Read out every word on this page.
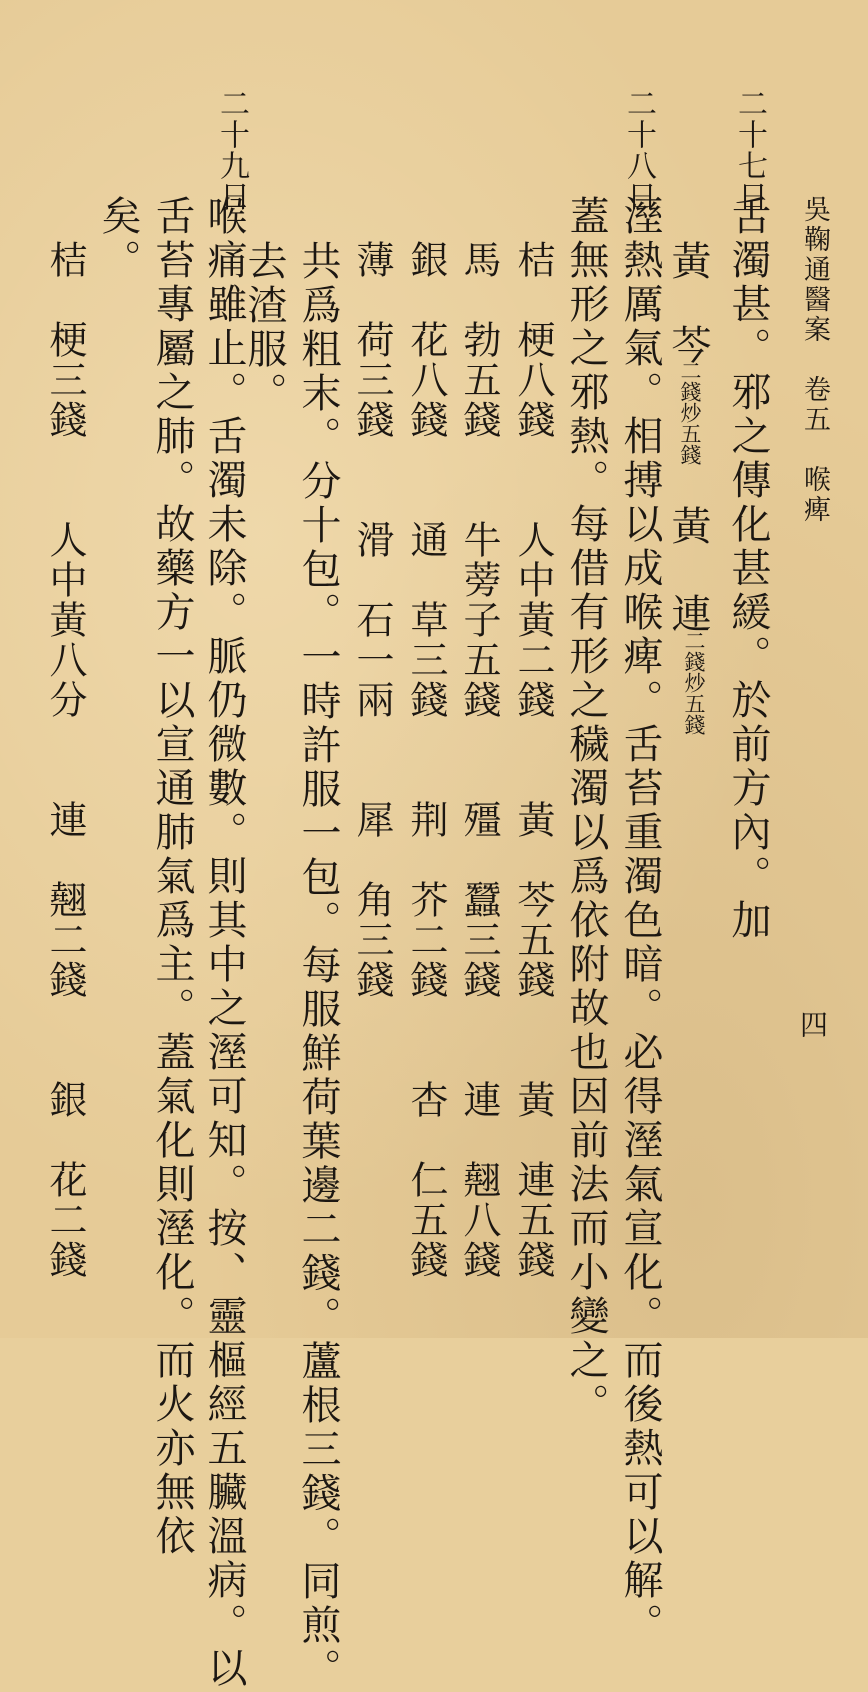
吳鞠通醫案　卷五　喉痺
四
二十七日
舌濁甚。邪之傳化甚緩。於前方內。加
黃　芩
二錢炒五錢
黃　連
二錢炒五錢
二十八日
溼熱厲氣。相搏以成喉痺。舌苔重濁色暗。必得溼氣宣化。而後熱可以解。
蓋無形之邪熱。每借有形之穢濁以爲依附故也因前法而小變之。
桔　梗八錢　　人中黃二錢　　黃　芩五錢　　黃　連五錢
馬　勃五錢　　牛蒡子五錢　　殭　蠶三錢　　連　翹八錢
銀　花八錢　　通　草三錢　　荆　芥二錢　　杏　仁五錢
薄　荷三錢　　滑　石一兩　　犀　角三錢
共爲粗末。分十包。一時許服一包。每服鮮荷葉邊二錢。蘆根三錢。同煎。
去渣服。
二十九日
喉痛雖止。舌濁未除。脈仍微數。則其中之溼可知。按、靈樞經五臟溫病。以
舌苔專屬之肺。故藥方一以宣通肺氣爲主。蓋氣化則溼化。而火亦無依
矣。
桔　梗三錢　　人中黃八分　　連　翹二錢　　銀　花二錢
